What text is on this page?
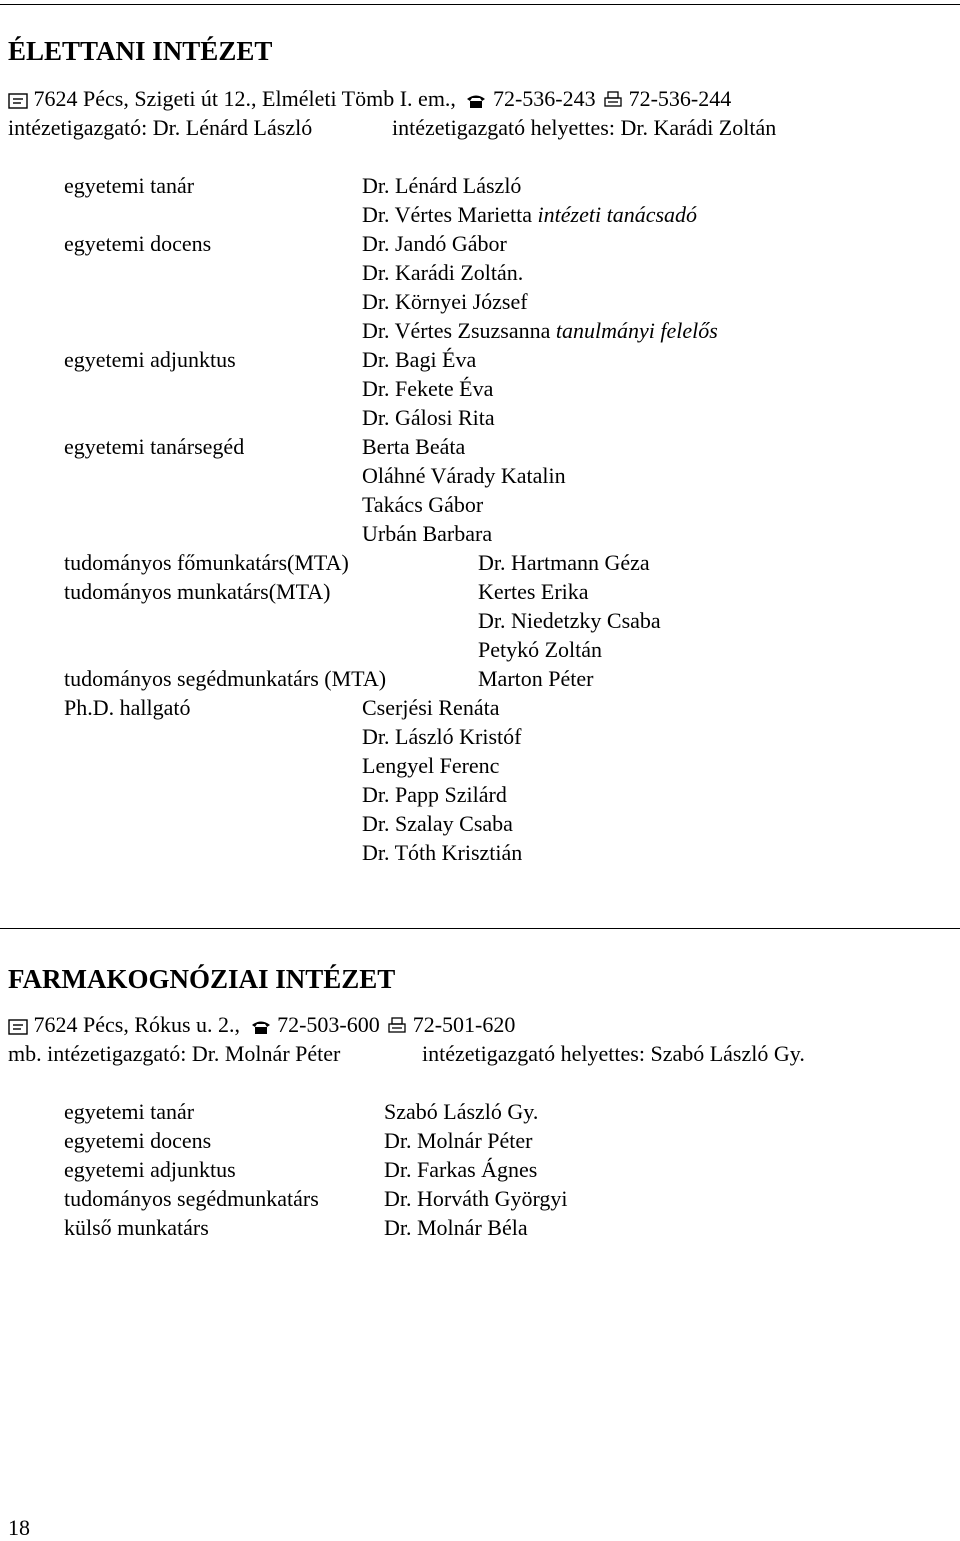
ÉLETTANI INTÉZET
7624 Pécs, Szigeti út 12., Elméleti Tömb I. em., 72-536-243 72-536-244
intézetigazgató: Dr. Lénárd László	intézetigazgató helyettes: Dr. Karádi Zoltán
egyetemi tanár	Dr. Lénárd László
Dr. Vértes Marietta intézeti tanácsadó
egyetemi docens	Dr. Jandó Gábor
Dr. Karádi Zoltán.
Dr. Környei József
Dr. Vértes Zsuzsanna tanulmányi felelős
egyetemi adjunktus	Dr. Bagi Éva
Dr. Fekete Éva
Dr. Gálosi Rita
egyetemi tanársegéd	Berta Beáta
Oláhné Várady Katalin
Takács Gábor
Urbán Barbara
tudományos főmunkatárs(MTA)	Dr. Hartmann Géza
tudományos munkatárs(MTA)	Kertes Erika
Dr. Niedetzky Csaba
Petykó Zoltán
tudományos segédmunkatárs (MTA)	Marton Péter
Ph.D. hallgató	Cserjési Renáta
Dr. László Kristóf
Lengyel Ferenc
Dr. Papp Szilárd
Dr. Szalay Csaba
Dr. Tóth Krisztián
FARMAKOGNÓZIAI INTÉZET
7624 Pécs, Rókus u. 2., 72-503-600 72-501-620
mb. intézetigazgató: Dr. Molnár Péter	intézetigazgató helyettes: Szabó László Gy.
egyetemi tanár	Szabó László Gy.
egyetemi docens	Dr. Molnár Péter
egyetemi adjunktus	Dr. Farkas Ágnes
tudományos segédmunkatárs	Dr. Horváth Györgyi
külső munkatárs	Dr. Molnár Béla
18
